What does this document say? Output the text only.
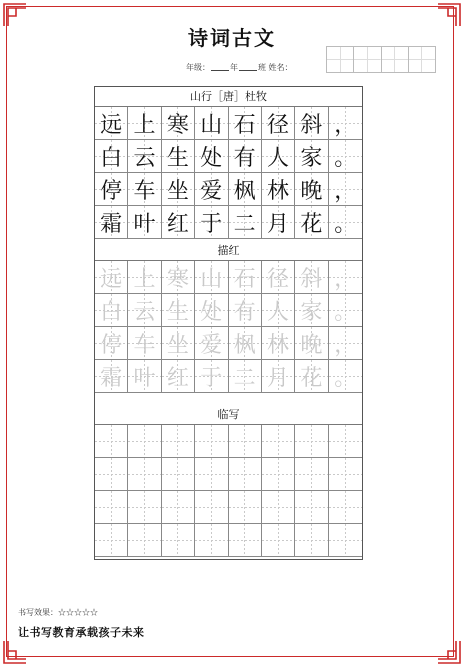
诗词古文
年级：	年	班 姓名：
山行［唐］杜牧
远 上 寒 山 石 径 斜 ，
白 云 生 处 有 人 家 。
停 车 坐 爱 枫 林 晚 ，
霜 叶 红 于 二 月 花 。
描红
远 上 寒 山 石 径 斜 ，
白 云 生 处 有 人 家 。
停 车 坐 爱 枫 林 晚 ，
霜 叶 红 于 二 月 花 。
临写
书写效果：☆☆☆☆☆
让书写教育承载孩子未来
